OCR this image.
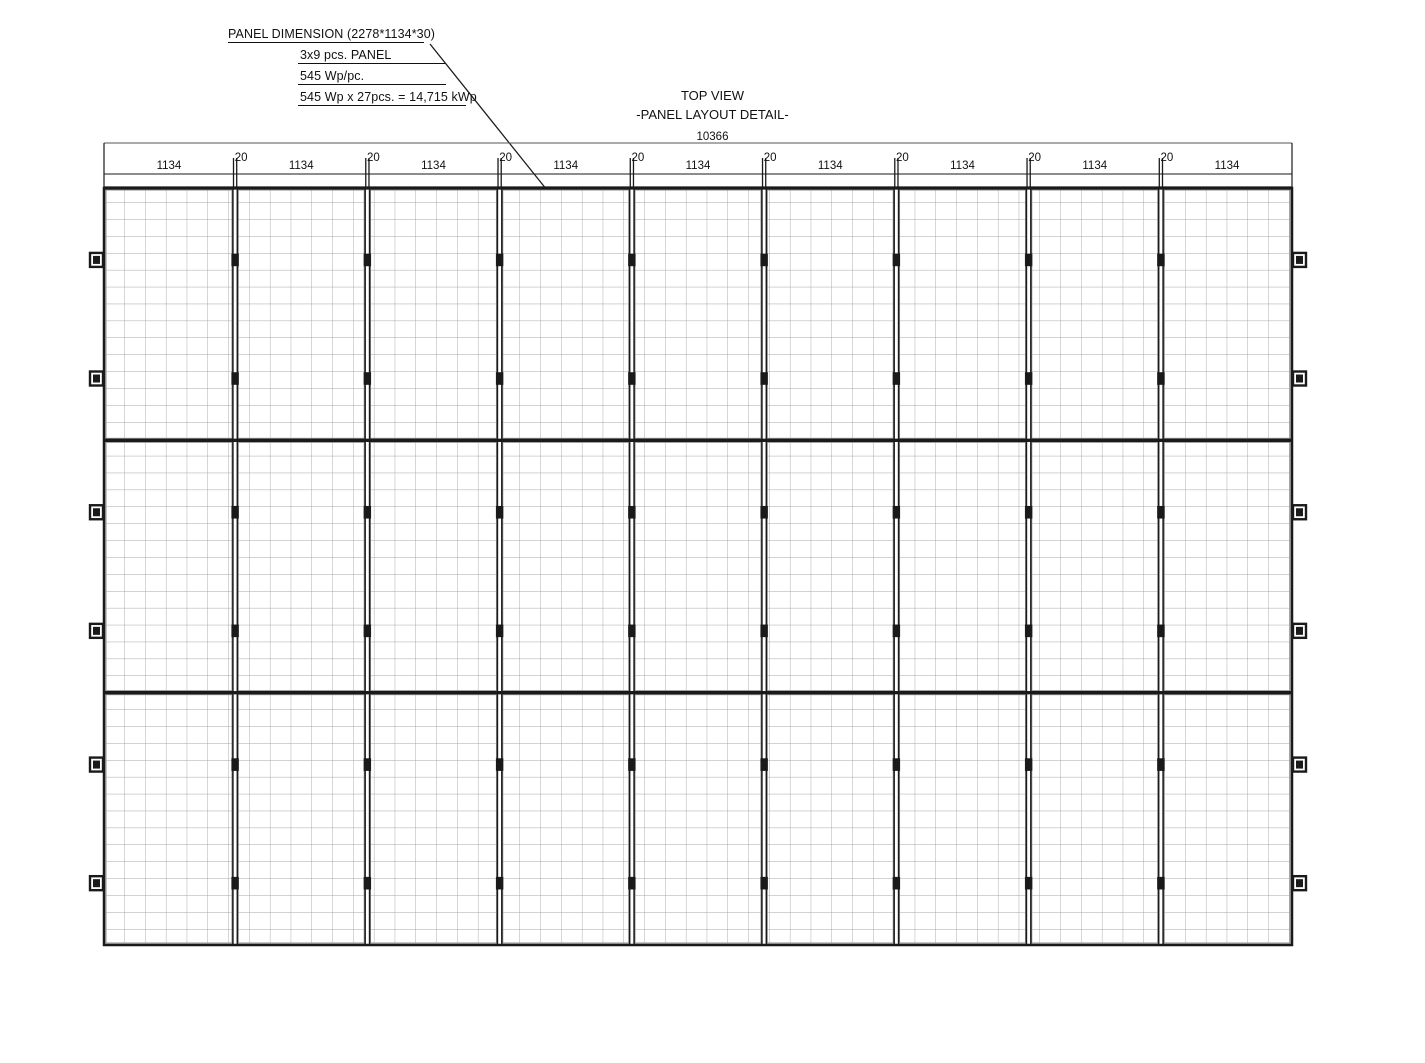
PANEL DIMENSION (2278*1134*30)
3x9 pcs. PANEL
545 Wp/pc.
545 Wp x 27pcs. = 14,715 kWp	TOP VIEW
-PANEL LAYOUT DETAIL-
10366
1134	1134	1134	1134	1134	1134	1134	1134	1134
20	20	20	20	20	20	20	20
